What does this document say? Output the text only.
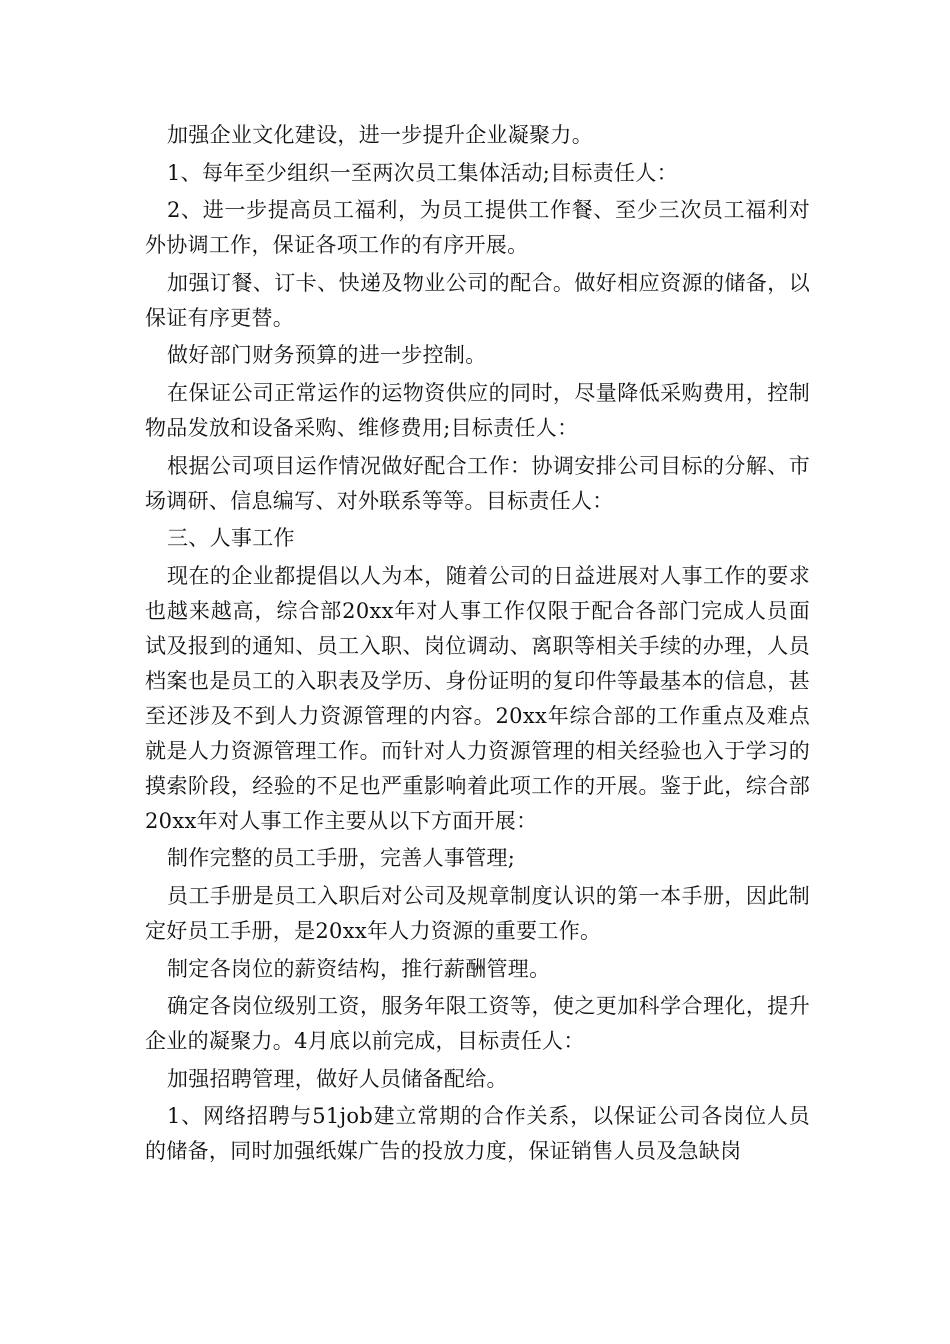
加强企业文化建设，进一步提升企业凝聚力。

1、每年至少组织一至两次员工集体活动;目标责任人：

2、进一步提高员工福利，为员工提供工作餐、至少三次员工福利对外协调工作，保证各项工作的有序开展。

加强订餐、订卡、快递及物业公司的配合。做好相应资源的储备，以保证有序更替。

做好部门财务预算的进一步控制。

在保证公司正常运作的运物资供应的同时，尽量降低采购费用，控制物品发放和设备采购、维修费用;目标责任人：

根据公司项目运作情况做好配合工作：协调安排公司目标的分解、市场调研、信息编写、对外联系等等。目标责任人：

三、人事工作

现在的企业都提倡以人为本，随着公司的日益进展对人事工作的要求也越来越高，综合部20xx年对人事工作仅限于配合各部门完成人员面试及报到的通知、员工入职、岗位调动、离职等相关手续的办理，人员档案也是员工的入职表及学历、身份证明的复印件等最基本的信息，甚至还涉及不到人力资源管理的内容。20xx年综合部的工作重点及难点就是人力资源管理工作。而针对人力资源管理的相关经验也入于学习的摸索阶段，经验的不足也严重影响着此项工作的开展。鉴于此，综合部20xx年对人事工作主要从以下方面开展：

制作完整的员工手册，完善人事管理;

员工手册是员工入职后对公司及规章制度认识的第一本手册，因此制定好员工手册，是20xx年人力资源的重要工作。

制定各岗位的薪资结构，推行薪酬管理。

确定各岗位级别工资，服务年限工资等，使之更加科学合理化，提升企业的凝聚力。4月底以前完成，目标责任人：

加强招聘管理，做好人员储备配给。

1、网络招聘与51job建立常期的合作关系，以保证公司各岗位人员的储备，同时加强纸媒广告的投放力度，保证销售人员及急缺岗
